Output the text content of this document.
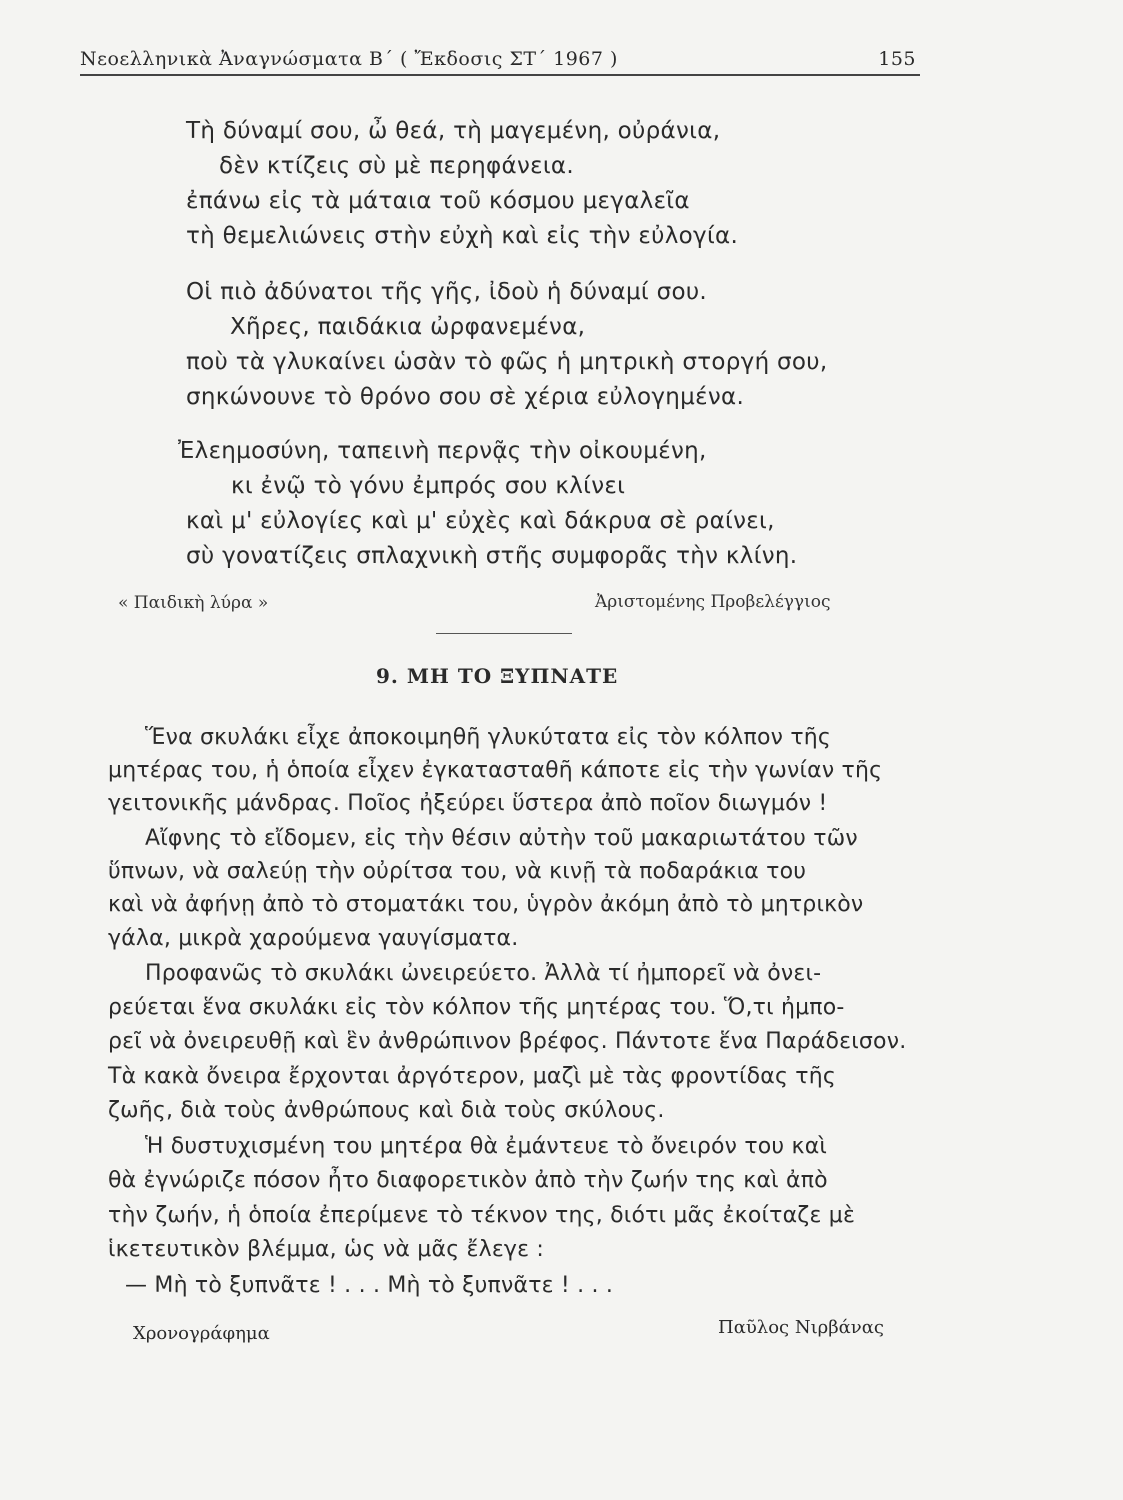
Νεοελληνικὰ Ἀναγνώσματα Β΄ ( Ἔκδοσις ΣΤ΄ 1967 )	155
Τὴ δύναμί σου, ὦ θεά, τὴ μαγεμένη, οὐράνια,
δὲν κτίζεις σὺ μὲ περηφάνεια.
ἐπάνω εἰς τὰ μάταια τοῦ κόσμου μεγαλεῖα
τὴ θεμελιώνεις στὴν εὐχὴ καὶ εἰς τὴν εὐλογία.
Οἱ πιὸ ἀδύνατοι τῆς γῆς, ἰδοὺ ἡ δύναμί σου.
Χῆρες, παιδάκια ὠρφανεμένα,
ποὺ τὰ γλυκαίνει ὡσὰν τὸ φῶς ἡ μητρικὴ στοργή σου,
σηκώνουνε τὸ θρόνο σου σὲ χέρια εὐλογημένα.
Ἐλεημοσύνη, ταπεινὴ περνᾷς τὴν οἰκουμένη,
κι ἐνῷ τὸ γόνυ ἐμπρός σου κλίνει
καὶ μ' εὐλογίες καὶ μ' εὐχὲς καὶ δάκρυα σὲ ραίνει,
σὺ γονατίζεις σπλαχνικὴ στῆς συμφορᾶς τὴν κλίνη.
« Παιδικὴ λύρα »	Ἀριστομένης Προβελέγγιος
9. ΜΗ ΤΟ ΞΥΠΝΑΤΕ
Ἕνα σκυλάκι εἶχε ἀποκοιμηθῆ γλυκύτατα εἰς τὸν κόλπον τῆς
μητέρας του, ἡ ὁποία εἶχεν ἐγκατασταθῆ κάποτε εἰς τὴν γωνίαν τῆς
γειτονικῆς μάνδρας. Ποῖος ἠξεύρει ὕστερα ἀπὸ ποῖον διωγμόν !
Αἴφνης τὸ εἴδομεν, εἰς τὴν θέσιν αὐτὴν τοῦ μακαριωτάτου τῶν
ὕπνων, νὰ σαλεύῃ τὴν οὐρίτσα του, νὰ κινῇ τὰ ποδαράκια του
καὶ νὰ ἀφήνῃ ἀπὸ τὸ στοματάκι του, ὑγρὸν ἀκόμη ἀπὸ τὸ μητρικὸν
γάλα, μικρὰ χαρούμενα γαυγίσματα.
Προφανῶς τὸ σκυλάκι ὠνειρεύετο. Ἀλλὰ τί ἠμπορεῖ νὰ ὀνει-
ρεύεται ἕνα σκυλάκι εἰς τὸν κόλπον τῆς μητέρας του. Ὅ,τι ἠμπο-
ρεῖ νὰ ὀνειρευθῇ καὶ ἓν ἀνθρώπινον βρέφος. Πάντοτε ἕνα Παράδεισον.
Τὰ κακὰ ὄνειρα ἔρχονται ἀργότερον, μαζὶ μὲ τὰς φροντίδας τῆς
ζωῆς, διὰ τοὺς ἀνθρώπους καὶ διὰ τοὺς σκύλους.
Ἡ δυστυχισμένη του μητέρα θὰ ἐμάντευε τὸ ὄνειρόν του καὶ
θὰ ἐγνώριζε πόσον ἦτο διαφορετικὸν ἀπὸ τὴν ζωήν της καὶ ἀπὸ
τὴν ζωήν, ἡ ὁποία ἐπερίμενε τὸ τέκνον της, διότι μᾶς ἐκοίταζε μὲ
ἱκετευτικὸν βλέμμα, ὡς νὰ μᾶς ἔλεγε :
— Μὴ τὸ ξυπνᾶτε ! . . . Μὴ τὸ ξυπνᾶτε ! . . .
Χρονογράφημα	Παῦλος Νιρβάνας
